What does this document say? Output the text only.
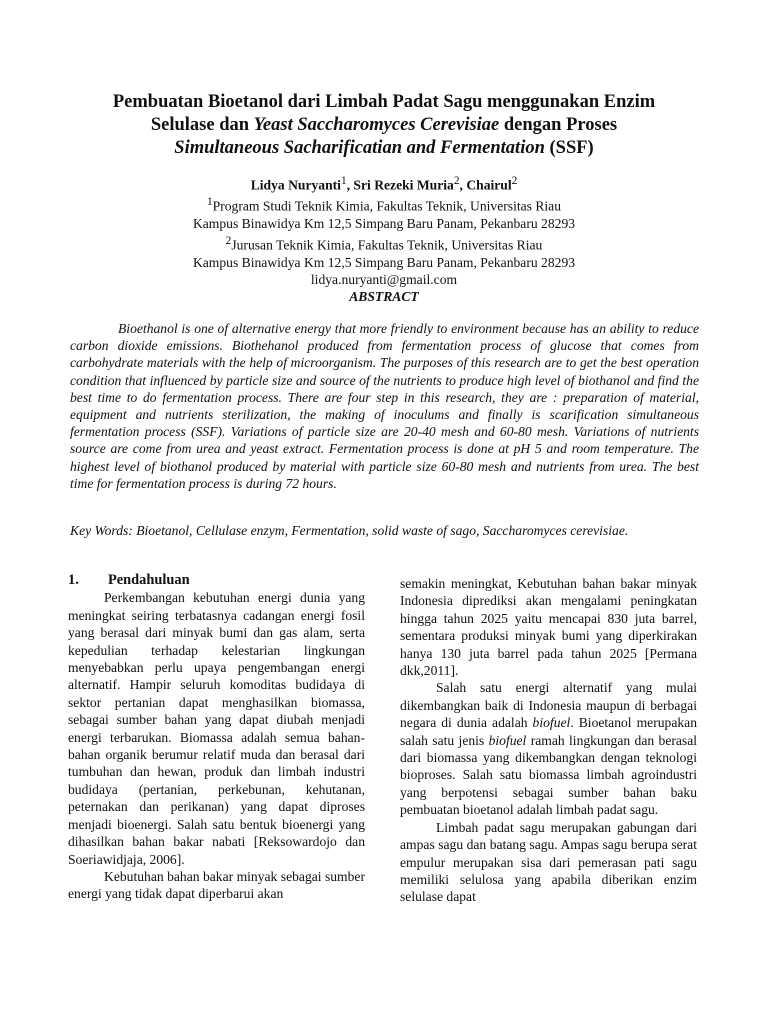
Pembuatan Bioetanol dari Limbah Padat Sagu menggunakan Enzim
Selulase dan Yeast Saccharomyces Cerevisiae dengan Proses
Simultaneous Sacharificatian and Fermentation (SSF)
Lidya Nuryanti$^1$, Sri Rezeki Muria$^2$, Chairul$^2$
$^1$Program Studi Teknik Kimia, Fakultas Teknik, Universitas Riau
Kampus Binawidya Km 12,5 Simpang Baru Panam, Pekanbaru 28293
$^2$Jurusan Teknik Kimia, Fakultas Teknik, Universitas Riau
Kampus Binawidya Km 12,5 Simpang Baru Panam, Pekanbaru 28293
lidya.nuryanti@gmail.com
ABSTRACT

Bioethanol is one of alternative energy that more friendly to environment because has an ability to reduce carbon dioxide emissions. Biothehanol produced from fermentation process of glucose that comes from carbohydrate materials with the help of microorganism. The purposes of this research are to get the best operation condition that influenced by particle size and source of the nutrients to produce high level of biothanol and find the best time to do fermentation process. There are four step in this research, they are : preparation of material, equipment and nutrients sterilization, the making of inoculums and finally is scarification simultaneous fermentation process (SSF). Variations of particle size are 20-40 mesh and 60-80 mesh. Variations of nutrients source are come from urea and yeast extract. Fermentation process is done at pH 5 and room temperature. The highest level of biothanol produced by material with particle size 60-80 mesh and nutrients from urea. The best time for fermentation process is during 72 hours.

Key Words: Bioetanol, Cellulase enzym, Fermentation, solid waste of sago, Saccharomyces cerevisiae.

1. Pendahuluan

Perkembangan kebutuhan energi dunia yang meningkat seiring terbatasnya cadangan energi fosil yang berasal dari minyak bumi dan gas alam, serta kepedulian terhadap kelestarian lingkungan menyebabkan perlu upaya pengembangan energi alternatif. Hampir seluruh komoditas budidaya di sektor pertanian dapat menghasilkan biomassa, sebagai sumber bahan yang dapat diubah menjadi energi terbarukan. Biomassa adalah semua bahan-bahan organik berumur relatif muda dan berasal dari tumbuhan dan hewan, produk dan limbah industri budidaya (pertanian, perkebunan, kehutanan, peternakan dan perikanan) yang dapat diproses menjadi bioenergi. Salah satu bentuk bioenergi yang dihasilkan bahan bakar nabati [Reksowardojo dan Soeriawidjaja, 2006].

Kebutuhan bahan bakar minyak sebagai sumber energi yang tidak dapat diperbarui akan

semakin meningkat, Kebutuhan bahan bakar minyak Indonesia diprediksi akan mengalami peningkatan hingga tahun 2025 yaitu mencapai 830 juta barrel, sementara produksi minyak bumi yang diperkirakan hanya 130 juta barrel pada tahun 2025 [Permana dkk,2011].

Salah satu energi alternatif yang mulai dikembangkan baik di Indonesia maupun di berbagai negara di dunia adalah biofuel. Bioetanol merupakan salah satu jenis biofuel ramah lingkungan dan berasal dari biomassa yang dikembangkan dengan teknologi bioproses. Salah satu biomassa limbah agroindustri yang berpotensi sebagai sumber bahan baku pembuatan bioetanol adalah limbah padat sagu.

Limbah padat sagu merupakan gabungan dari ampas sagu dan batang sagu. Ampas sagu berupa serat empulur merupakan sisa dari pemerasan pati sagu memiliki selulosa yang apabila diberikan enzim selulase dapat
